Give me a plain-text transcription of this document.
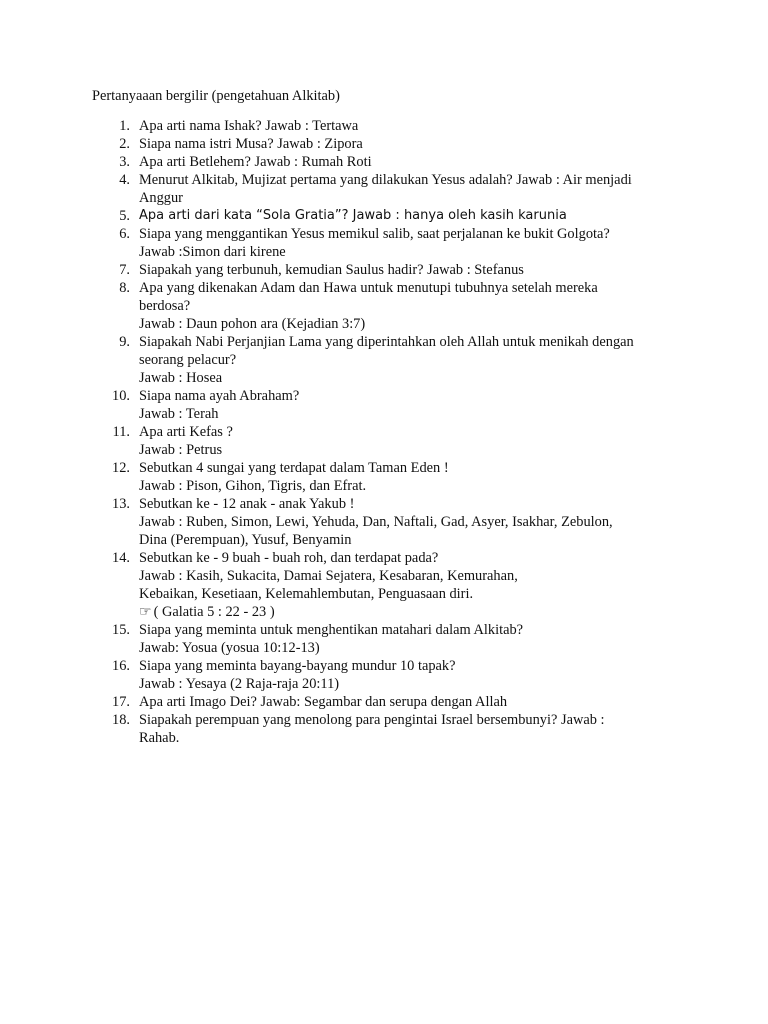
Pertanyaaan bergilir (pengetahuan Alkitab)
1. Apa arti nama Ishak? Jawab : Tertawa
2. Siapa nama istri Musa? Jawab : Zipora
3. Apa arti Betlehem? Jawab : Rumah Roti
4. Menurut Alkitab, Mujizat pertama yang dilakukan Yesus adalah? Jawab : Air menjadi
Anggur
5. Apa arti dari kata “Sola Gratia”? Jawab : hanya oleh kasih karunia
6. Siapa yang menggantikan Yesus memikul salib, saat perjalanan ke bukit Golgota?
Jawab :Simon dari kirene
7. Siapakah yang terbunuh, kemudian Saulus hadir? Jawab : Stefanus
8. Apa yang dikenakan Adam dan Hawa untuk menutupi tubuhnya setelah mereka
berdosa?
Jawab : Daun pohon ara (Kejadian 3:7)
9. Siapakah Nabi Perjanjian Lama yang diperintahkan oleh Allah untuk menikah dengan
seorang pelacur?
Jawab : Hosea
10. Siapa nama ayah Abraham?
Jawab : Terah
11. Apa arti Kefas ?
Jawab : Petrus
12. Sebutkan 4 sungai yang terdapat dalam Taman Eden !
Jawab : Pison, Gihon, Tigris, dan Efrat.
13. Sebutkan ke - 12 anak - anak Yakub !
Jawab : Ruben, Simon, Lewi, Yehuda, Dan, Naftali, Gad, Asyer, Isakhar, Zebulon,
Dina (Perempuan), Yusuf, Benyamin
14. Sebutkan ke - 9 buah - buah roh, dan terdapat pada?
Jawab : Kasih, Sukacita, Damai Sejatera, Kesabaran, Kemurahan,
Kebaikan, Kesetiaan, Kelemahlembutan, Penguasaan diri.
☞ ( Galatia 5 : 22 - 23 )
15. Siapa yang meminta untuk menghentikan matahari dalam Alkitab?
Jawab: Yosua (yosua 10:12-13)
16. Siapa yang meminta bayang-bayang mundur 10 tapak?
Jawab : Yesaya (2 Raja-raja 20:11)
17. Apa arti Imago Dei? Jawab: Segambar dan serupa dengan Allah
18. Siapakah perempuan yang menolong para pengintai Israel bersembunyi? Jawab :
Rahab.
